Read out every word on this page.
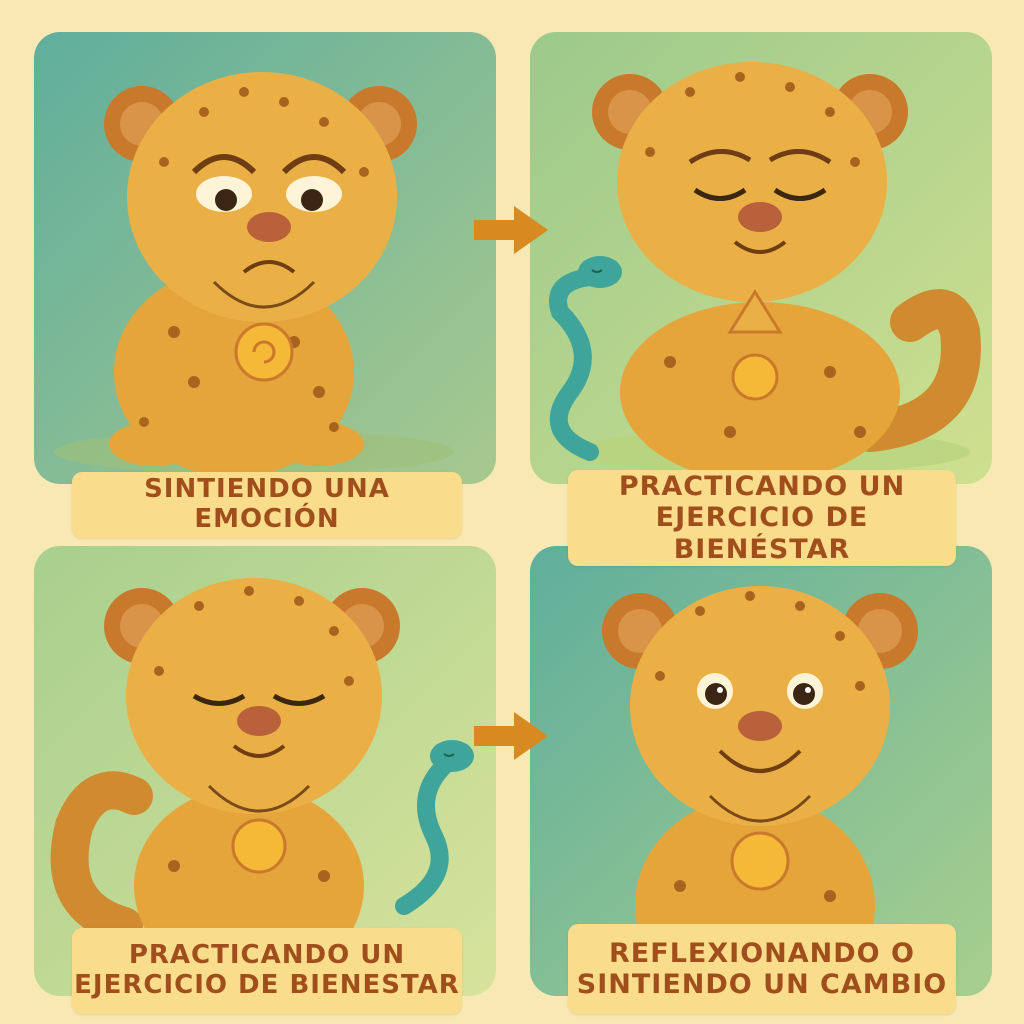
SINTIENDO UNA EMOCIÓN
PRACTICANDO UN
EJERCICIO DE BIENÉSTAR
PRACTICANDO UN
EJERCICIO DE BIENESTAR
REFLEXIONANDO O
SINTIENDO UN CAMBIO
